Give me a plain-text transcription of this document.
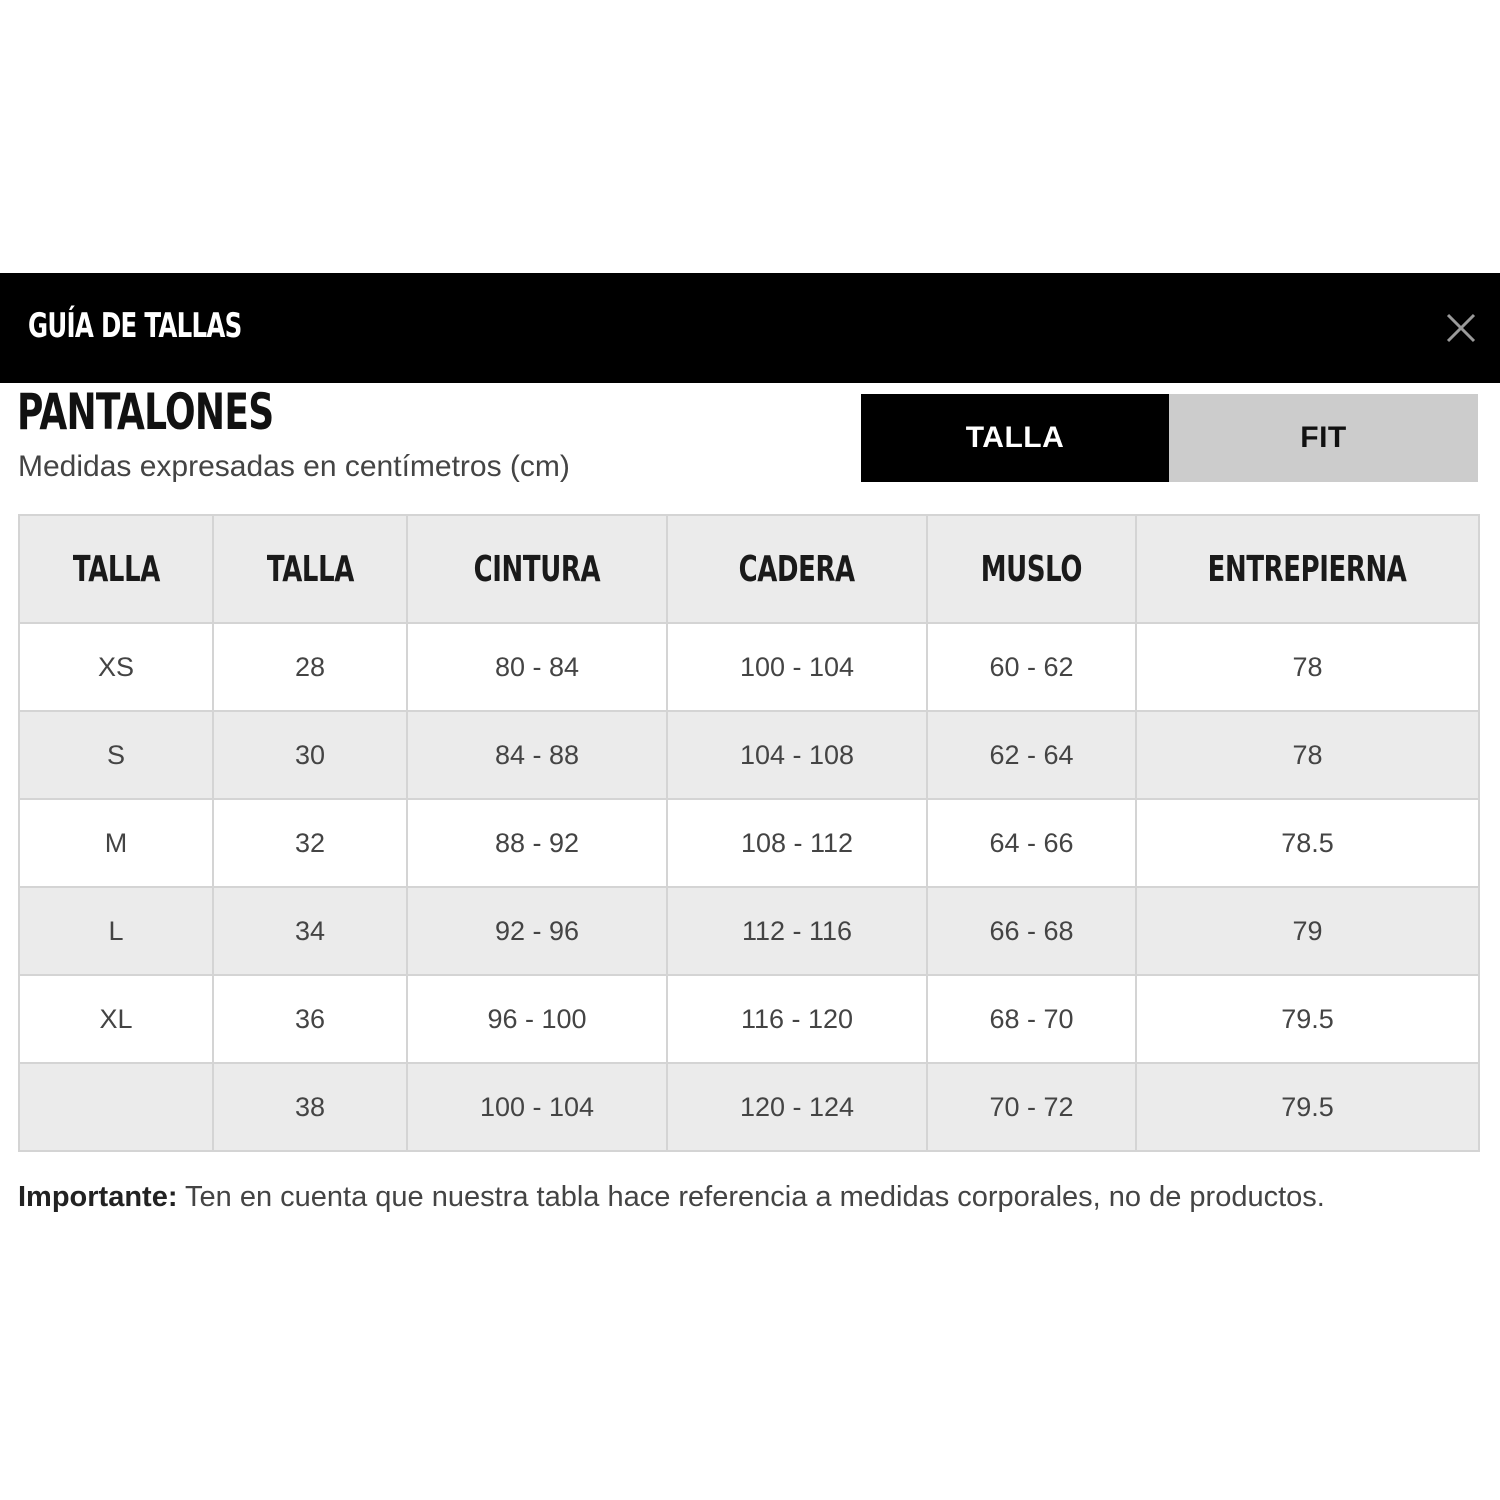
GUÍA DE TALLAS
PANTALONES
Medidas expresadas en centímetros (cm)
TALLA	FIT
TALLA	TALLA	CINTURA	CADERA	MUSLO	ENTREPIERNA
XS	28	80 - 84	100 - 104	60 - 62	78
S	30	84 - 88	104 - 108	62 - 64	78
M	32	88 - 92	108 - 112	64 - 66	78.5
L	34	92 - 96	112 - 116	66 - 68	79
XL	36	96 - 100	116 - 120	68 - 70	79.5
	38	100 - 104	120 - 124	70 - 72	79.5
Importante: Ten en cuenta que nuestra tabla hace referencia a medidas corporales, no de productos.
